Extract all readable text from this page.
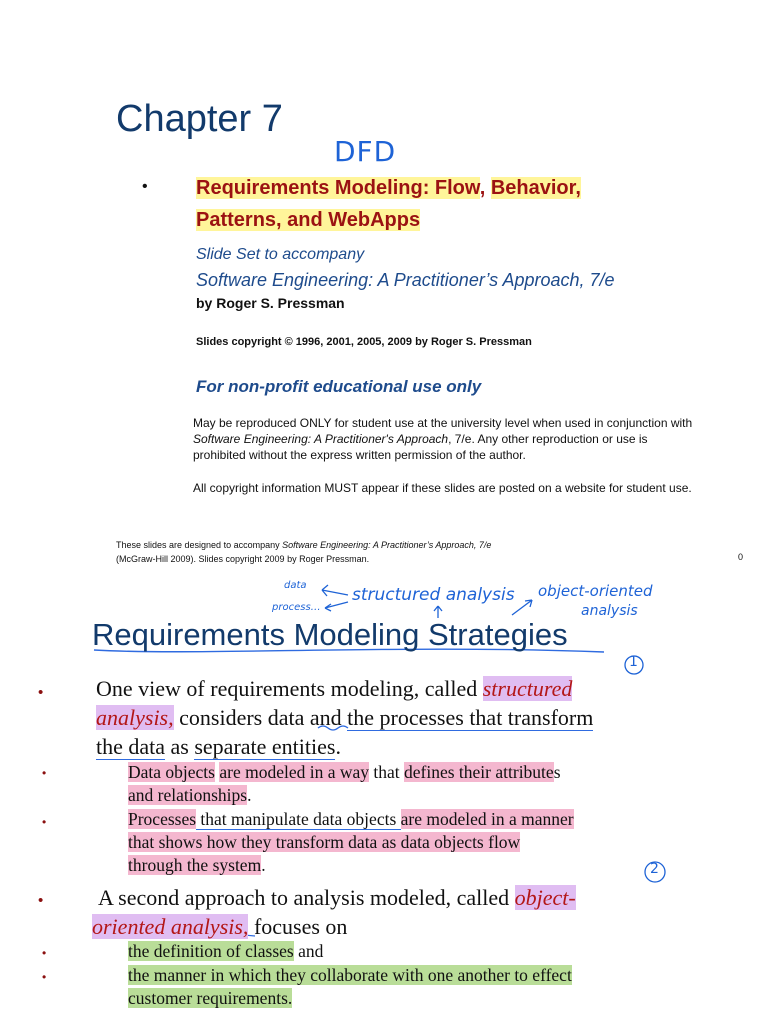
Chapter 7
DFD
• Requirements Modeling: Flow, Behavior,
Patterns, and WebApps
Slide Set to accompany
Software Engineering: A Practitioner’s Approach, 7/e
by Roger S. Pressman
Slides copyright © 1996, 2001, 2005, 2009 by Roger S. Pressman
For non-profit educational use only
May be reproduced ONLY for student use at the university level when used in conjunction with Software Engineering: A Practitioner's Approach, 7/e. Any other reproduction or use is prohibited without the express written permission of the author.
All copyright information MUST appear if these slides are posted on a website for student use.
These slides are designed to accompany Software Engineering: A Practitioner’s Approach, 7/e
(McGraw-Hill 2009). Slides copyright 2009 by Roger Pressman.	0
data
process…
structured analysis object-oriented
analysis
1
2
Requirements Modeling Strategies
• One view of requirements modeling, called structured
analysis, considers data and the processes that transform
the data as separate entities.
•	Data objects are modeled in a way that defines their attributes
and relationships.
•	Processes that manipulate data objects are modeled in a manner
that shows how they transform data as data objects flow
through the system.
• A second approach to analysis modeled, called object-
oriented analysis, focuses on
•	the definition of classes and
•	the manner in which they collaborate with one another to effect
customer requirements.
